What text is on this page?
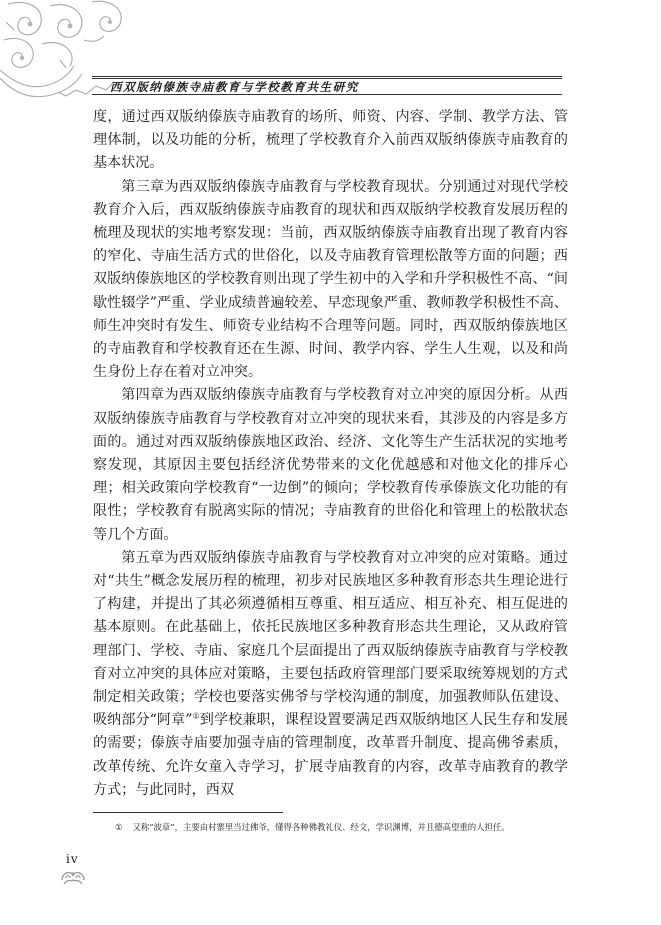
西双版纳傣族寺庙教育与学校教育共生研究

度，通过西双版纳傣族寺庙教育的场所、师资、内容、学制、教学方法、管理体制，以及功能的分析，梳理了学校教育介入前西双版纳傣族寺庙教育的基本状况。

第三章为西双版纳傣族寺庙教育与学校教育现状。分别通过对现代学校教育介入后，西双版纳傣族寺庙教育的现状和西双版纳学校教育发展历程的梳理及现状的实地考察发现：当前，西双版纳傣族寺庙教育出现了教育内容的窄化、寺庙生活方式的世俗化，以及寺庙教育管理松散等方面的问题；西双版纳傣族地区的学校教育则出现了学生初中的入学和升学积极性不高、“间歇性辍学”严重、学业成绩普遍较差、早恋现象严重、教师教学积极性不高、师生冲突时有发生、师资专业结构不合理等问题。同时，西双版纳傣族地区的寺庙教育和学校教育还在生源、时间、教学内容、学生人生观，以及和尚生身份上存在着对立冲突。

第四章为西双版纳傣族寺庙教育与学校教育对立冲突的原因分析。从西双版纳傣族寺庙教育与学校教育对立冲突的现状来看，其涉及的内容是多方面的。通过对西双版纳傣族地区政治、经济、文化等生产生活状况的实地考察发现，其原因主要包括经济优势带来的文化优越感和对他文化的排斥心理；相关政策向学校教育“一边倒”的倾向；学校教育传承傣族文化功能的有限性；学校教育有脱离实际的情况；寺庙教育的世俗化和管理上的松散状态等几个方面。

第五章为西双版纳傣族寺庙教育与学校教育对立冲突的应对策略。通过对“共生”概念发展历程的梳理，初步对民族地区多种教育形态共生理论进行了构建，并提出了其必须遵循相互尊重、相互适应、相互补充、相互促进的基本原则。在此基础上，依托民族地区多种教育形态共生理论，又从政府管理部门、学校、寺庙、家庭几个层面提出了西双版纳傣族寺庙教育与学校教育对立冲突的具体应对策略，主要包括政府管理部门要采取统筹规划的方式制定相关政策；学校也要落实佛爷与学校沟通的制度，加强教师队伍建设、吸纳部分“阿章”①到学校兼职，课程设置要满足西双版纳地区人民生存和发展的需要；傣族寺庙要加强寺庙的管理制度，改革晋升制度、提高佛爷素质，改革传统、允许女童入寺学习，扩展寺庙教育的内容，改革寺庙教育的教学方式；与此同时，西双

① 又称“波章”，主要由村寨里当过佛爷，懂得各种佛教礼仪、经文，学识渊博，并且德高望重的人担任。
iv
